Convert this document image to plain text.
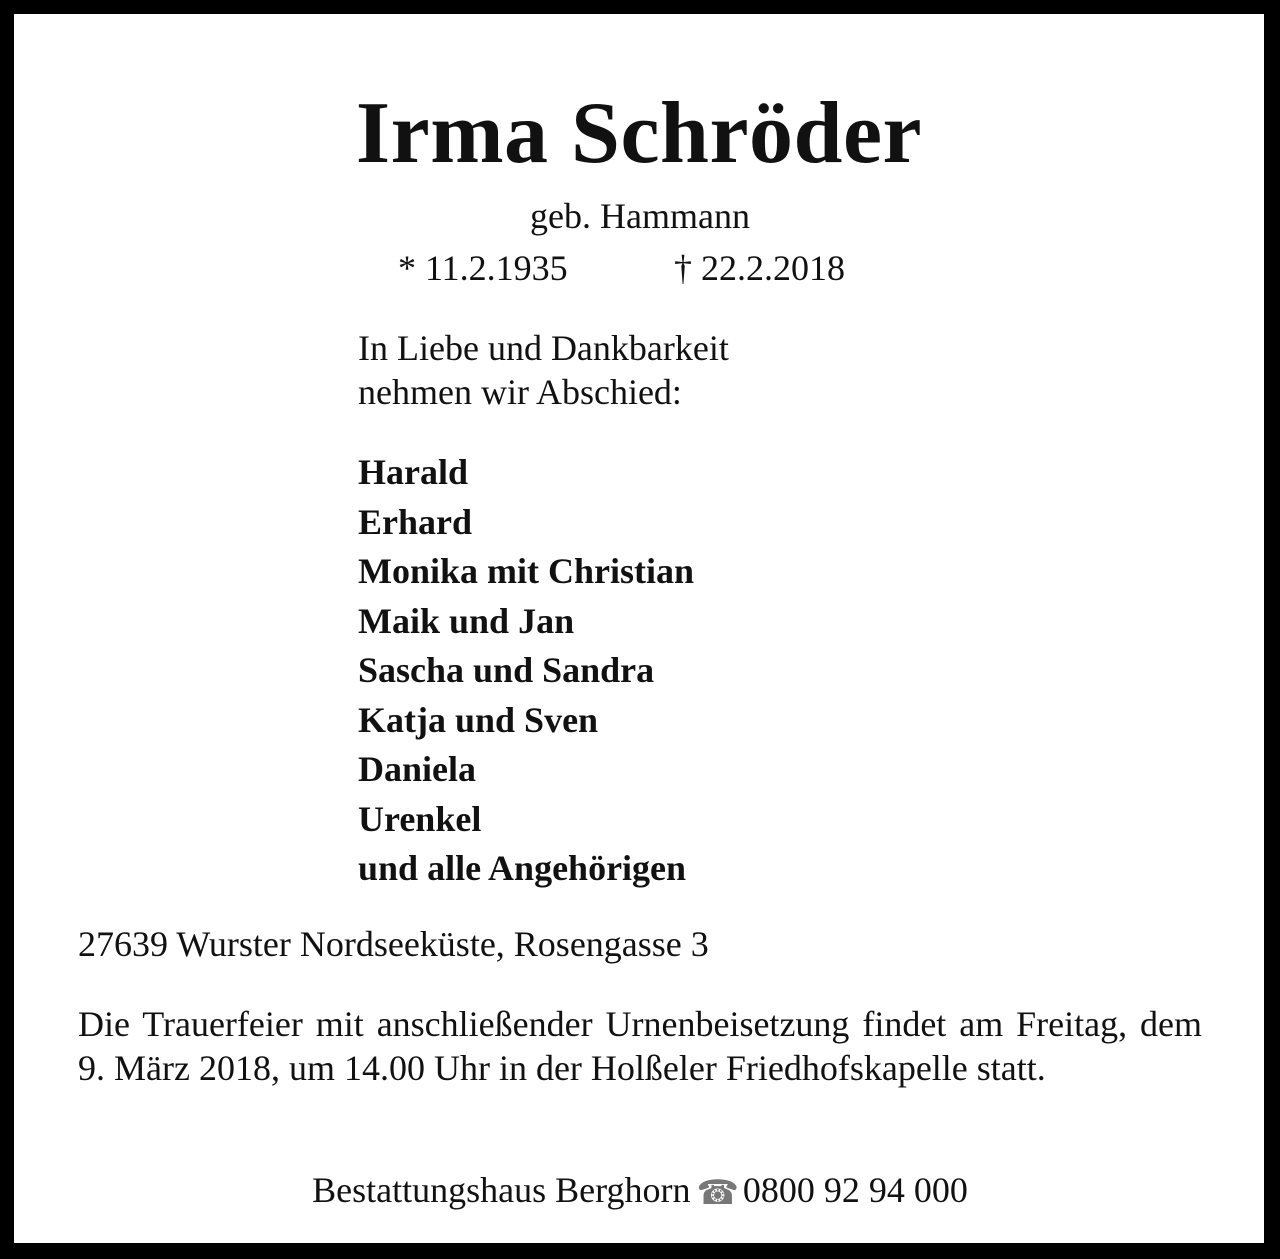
Irma Schröder
geb. Hammann
* 11.2.1935	† 22.2.2018
In Liebe und Dankbarkeit
nehmen wir Abschied:
Harald
Erhard
Monika mit Christian
Maik und Jan
Sascha und Sandra
Katja und Sven
Daniela
Urenkel
und alle Angehörigen
27639 Wurster Nordseeküste, Rosengasse 3
Die Trauerfeier mit anschließender Urnenbeisetzung findet am Freitag, dem 9. März 2018, um 14.00 Uhr in der Holßeler Friedhofskapelle statt.
Bestattungshaus Berghorn ☎ 0800 92 94 000
